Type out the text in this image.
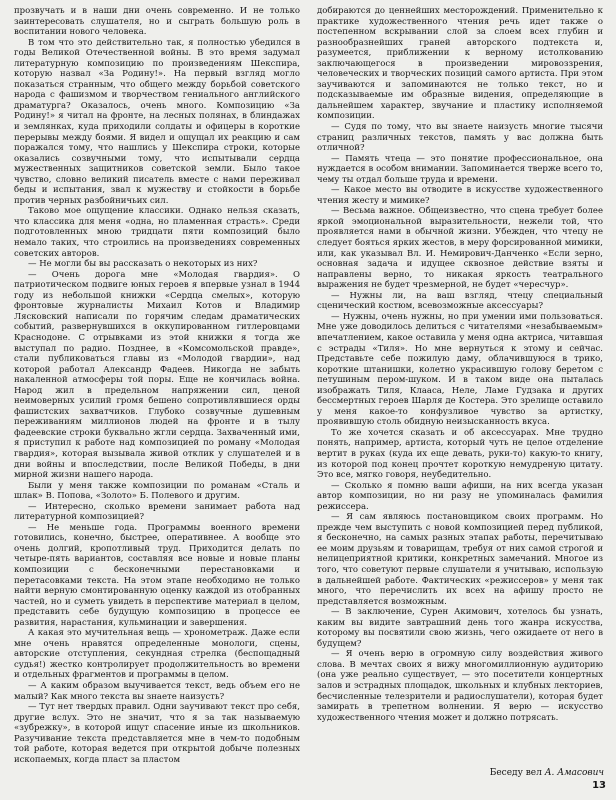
прозвучать и в наши дни очень современно. И не только заинтересовать слушателя, но и сыграть большую роль в воспитании нового человека.

В том что это действительно так, я полностью убедился в годы Великой Отечественной войны. В это время задумал литературную композицию по произведениям Шекспира, которую назвал «За Родину!». На первый взгляд могло показаться странным, что общего между борьбой советского народа с фашизмом и творчеством гениального английского драматурга? Оказалось, очень много. Композицию «За Родину!» я читал на фронте, на лесных полянах, в блиндажах и землянках, куда приходили солдаты и офицеры в короткие перерывы между боями. Я видел и ощущал их реакцию и сам поражался тому, что нашлись у Шекспира строки, которые оказались созвучными тому, что испытывали сердца мужественных защитников советской земли. Было такое чувство, словно великий писатель вместе с нами переживал беды и испытания, звал к мужеству и стойкости в борьбе против черных разбойничьих сил.

Таково мое ощущение классики. Однако нельзя сказать, что классика для меня «одна, но пламенная страсть». Среди подготовленных мною тридцати пяти композиций было немало таких, что строились на произведениях современных советских авторов.

— Не могли бы вы рассказать о некоторых из них?

— Очень дорога мне «Молодая гвардия». О патриотическом подвиге юных героев я впервые узнал в 1944 году из небольшой книжки «Сердца смелых», которую фронтовые журналисты Михаил Котов и Владимир Лясковский написали по горячим следам драматических событий, развернувшихся в оккупированном гитлеровцами Краснодоне. С отрывками из этой книжки я тогда же выступал по радио. Позднее, в «Комсомольской правде», стали публиковаться главы из «Молодой гвардии», над которой работал Александр Фадеев. Никогда не забыть накаленной атмосферы той поры. Еще не кончилась война. Народ жил в предельном напряжении сил, ценой неимоверных усилий громя бешено сопротивлявшиеся орды фашистских захватчиков. Глубоко созвучные душевным переживаниям миллионов людей на фронте и в тылу фадеевские строки буквально жгли сердца. Захваченный ими, я приступил к работе над композицией по роману «Молодая гвардия», которая вызывала живой отклик у слушателей и в дни войны и впоследствии, после Великой Победы, в дни мирной жизни нашего народа.

Были у меня также композиции по романам «Сталь и шлак» В. Попова, «Золото» Б. Полевого и другим.

— Интересно, сколько времени занимает работа над литературной композицией?

— Не меньше года. Программы военного времени готовились, конечно, быстрее, оперативнее. А вообще это очень долгий, кропотливый труд. Приходится делать по четыре-пять вариантов, составляя все новые и новые планы композиции с бесконечными перестановками и перетасовками текста. На этом этапе необходимо не только найти верную смонтированную оценку каждой из отобранных частей, но и суметь увидеть в перспективе материал в целом, представить себе будущую композицию в процессе ее развития, нарастания, кульминации и завершения.

А какая это мучительная вещь — хронометраж. Даже если мне очень нравятся определенные монологи, сцены, авторские отступления, секундная стрелка (беспощадный судья!) жестко контролирует продолжительность во времени и отдельных фрагментов и программы в целом.

— А каким образом выучивается текст, ведь объем его не малый? Как много текста вы знаете наизусть?

— Тут нет твердых правил. Одни заучивают текст про себя, другие вслух. Это не значит, что я за так называемую «зубрежку», в которой ищут спасение иные из школьников. Разучивание текста представляется мне в чем-то подобным той работе, которая ведется при открытой добыче полезных ископаемых, когда пласт за пластом

добираются до ценнейших месторождений. Применительно к практике художественного чтения речь идет также о постепенном вскрывании слой за слоем всех глубин и разнообразнейших граней авторского подтекста и, разумеется, приближении к верному истолкованию заключающегося в произведении мировоззрения, человеческих и творческих позиций самого артиста. При этом заучиваются и запоминаются не только текст, но и подсказываемые им образные видения, определяющие в дальнейшем характер, звучание и пластику исполняемой композиции.

— Судя по тому, что вы знаете наизусть многие тысячи страниц различных текстов, память у вас должна быть отличной?

— Память чтеца — это понятие профессиональное, она нуждается в особом внимании. Запоминается тверже всего то, чему ты отдал больше труда и времени.

— Какое место вы отводите в искусстве художественного чтения жесту и мимике?

— Весьма важное. Общеизвестно, что сцена требует более яркой эмоциональной выразительности, нежели той, что проявляется нами в обычной жизни. Убежден, что чтецу не следует бояться ярких жестов, в меру форсированной мимики, или, как указывал Вл. И. Немирович-Данченко «Если зерно, основная задача и идущее сквозное действие взяты и направлены верно, то никакая яркость театрального выражения не будет чрезмерной, не будет «чересчур».

— Нужны ли, на ваш взгляд, чтецу специальный сценический костюм, всевозможные аксессуары?

— Нужны, очень нужны, но при умении ими пользоваться. Мне уже доводилось делиться с читателями «незабываемым» впечатлением, какое оставила у меня одна актриса, читавшая с эстрады «Тиля». Но мне вернуться к этому и сейчас. Представьте себе пожилую даму, облачившуюся в трико, короткие штанишки, колетно украсившую голову беретом с петушиным пером-шуком. И в таком виде она пыталась изображать Тиля, Клааса, Неле, Ламе Гудзака и других бессмертных героев Шарля де Костера. Это зрелище оставило у меня какое-то конфузливое чувство за артистку, проявившую столь обидную неизысканность вкуса.

То же хочется сказать и об аксессуарах. Мне трудно понять, например, артиста, который чуть не целое отделение вертит в руках (куда их еще девать, руки-то) какую-то книгу, из которой под конец прочтет короткую немудреную цитату. Это все, мягко говоря, неубедительно.

— Сколько я помню ваши афиши, на них всегда указан автор композиции, но ни разу не упоминалась фамилия режиссера.

— Я сам являюсь постановщиком своих программ. Но прежде чем выступить с новой композицией перед публикой, я бесконечно, на самых разных этапах работы, перечитываю ее моим друзьям и товарищам, требуя от них самой строгой и нелицеприятной критики, конкретных замечаний. Многое из того, что советуют первые слушатели я учитываю, использую в дальнейшей работе. Фактических «режиссеров» у меня так много, что перечислить их всех на афишу просто не представляется возможным.

— В заключение, Сурен Акимович, хотелось бы узнать, каким вы видите завтрашний день того жанра искусства, которому вы посвятили свою жизнь, чего ожидаете от него в будущем?

— Я очень верю в огромную силу воздействия живого слова. В мечтах своих я вижу многомиллионную аудиторию (она уже реально существует, — это посетители концертных залов и эстрадных площадок, школьных и клубных лекториев, бесчисленные телезрители и радиослушатели), которая будет замирать в трепетном волнении. Я верю — искусство художественного чтения может и должно потрясать.

Беседу вел А. Амасович
13
